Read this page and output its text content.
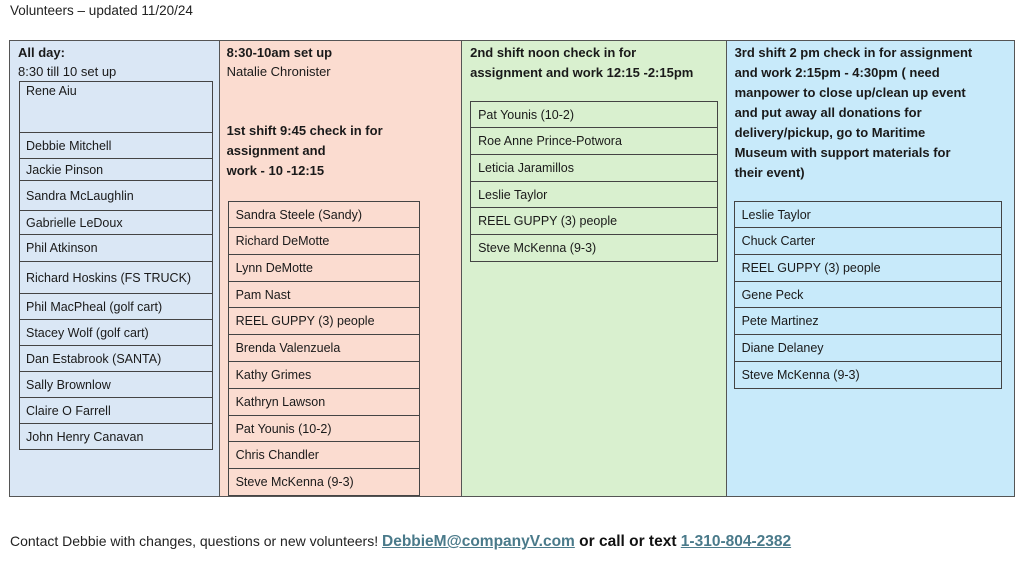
Volunteers – updated 11/20/24
All day:
8:30 till 10 set up
Rene Aiu
Debbie Mitchell
Jackie Pinson
Sandra McLaughlin
Gabrielle LeDoux
Phil Atkinson
Richard Hoskins (FS TRUCK)
Phil MacPheal (golf cart)
Stacey Wolf (golf cart)
Dan Estabrook (SANTA)
Sally Brownlow
Claire O Farrell
John Henry Canavan
8:30-10am set up
Natalie Chronister
1st shift 9:45 check in for
assignment and
work - 10 -12:15
Sandra Steele (Sandy)
Richard DeMotte
Lynn DeMotte
Pam Nast
REEL GUPPY (3) people
Brenda Valenzuela
Kathy Grimes
Kathryn Lawson
Pat Younis (10-2)
Chris Chandler
Steve McKenna (9-3)
2nd shift noon check in for
assignment and work 12:15 -2:15pm
Pat Younis (10-2)
Roe Anne Prince-Potwora
Leticia Jaramillos
Leslie Taylor
REEL GUPPY (3) people
Steve McKenna (9-3)
3rd shift 2 pm check in for assignment
and work 2:15pm - 4:30pm ( need
manpower to close up/clean up event
and put away all donations for
delivery/pickup, go to Maritime
Museum with support materials for
their event)
Leslie Taylor
Chuck Carter
REEL GUPPY (3) people
Gene Peck
Pete Martinez
Diane Delaney
Steve McKenna (9-3)
Contact Debbie with changes, questions or new volunteers! DebbieM@companyV.com or call or text 1-310-804-2382
